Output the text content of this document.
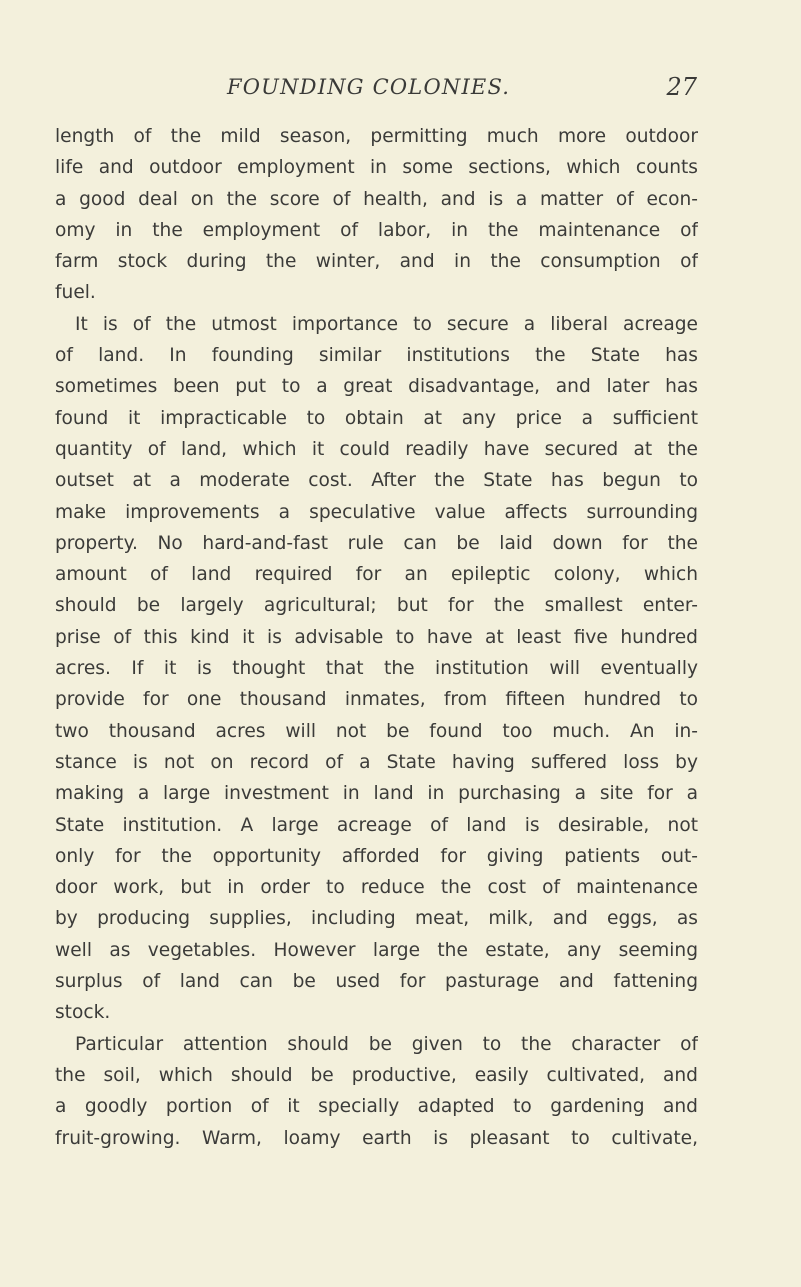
FOUNDING COLONIES.	27
length of the mild season, permitting much more outdoor
life and outdoor employment in some sections, which counts
a good deal on the score of health, and is a matter of econ-
omy in the employment of labor, in the maintenance of
farm stock during the winter, and in the consumption of
fuel.
It is of the utmost importance to secure a liberal acreage
of land. In founding similar institutions the State has
sometimes been put to a great disadvantage, and later has
found it impracticable to obtain at any price a sufficient
quantity of land, which it could readily have secured at the
outset at a moderate cost. After the State has begun to
make improvements a speculative value affects surrounding
property. No hard-and-fast rule can be laid down for the
amount of land required for an epileptic colony, which
should be largely agricultural; but for the smallest enter-
prise of this kind it is advisable to have at least five hundred
acres. If it is thought that the institution will eventually
provide for one thousand inmates, from fifteen hundred to
two thousand acres will not be found too much. An in-
stance is not on record of a State having suffered loss by
making a large investment in land in purchasing a site for a
State institution. A large acreage of land is desirable, not
only for the opportunity afforded for giving patients out-
door work, but in order to reduce the cost of maintenance
by producing supplies, including meat, milk, and eggs, as
well as vegetables. However large the estate, any seeming
surplus of land can be used for pasturage and fattening
stock.
Particular attention should be given to the character of
the soil, which should be productive, easily cultivated, and
a goodly portion of it specially adapted to gardening and
fruit-growing. Warm, loamy earth is pleasant to cultivate,
